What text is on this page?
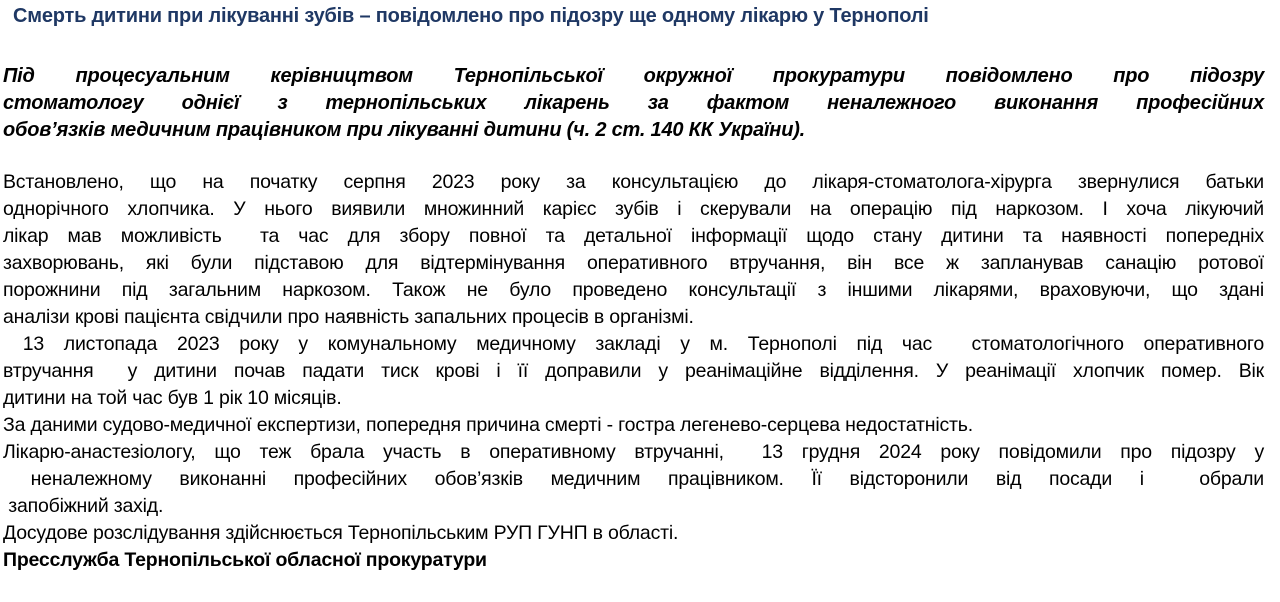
Смерть дитини при лікуванні зубів – повідомлено про підозру ще одному лікарю у Тернополі
Під процесуальним керівництвом Тернопільської окружної прокуратури повідомлено про підозру
стоматологу однієї з тернопільських лікарень за фактом неналежного виконання професійних
обов’язків медичним працівником при лікуванні дитини (ч. 2 ст. 140 КК України).
Встановлено, що на початку серпня 2023 року за консультацією до лікаря-стоматолога-хірурга звернулися батьки
однорічного хлопчика. У нього виявили множинний карієс зубів і скерували на операцію під наркозом. І хоча лікуючий
лікар мав можливість  та час для збору повної та детальної інформації щодо стану дитини та наявності попередніх
захворювань, які були підставою для відтермінування оперативного втручання, він все ж запланував санацію ротової
порожнини під загальним наркозом. Також не було проведено консультації з іншими лікарями, враховуючи, що здані
аналізи крові пацієнта свідчили про наявність запальних процесів в організмі.
13 листопада 2023 року у комунальному медичному закладі у м. Тернополі під час  стоматологічного оперативного
втручання  у дитини почав падати тиск крові і її доправили у реанімаційне відділення. У реанімації хлопчик помер. Вік
дитини на той час був 1 рік 10 місяців.
За даними судово-медичної експертизи, попередня причина смерті - гостра легенево-серцева недостатність.
Лікарю-анастезіологу, що теж брала участь в оперативному втручанні,  13 грудня 2024 року повідомили про підозру у
неналежному виконанні професійних обов’язків медичним працівником. Її відсторонили від посади і  обрали
запобіжний захід.
Досудове розслідування здійснюється Тернопільським РУП ГУНП в області.
Пресслужба Тернопільської обласної прокуратури
